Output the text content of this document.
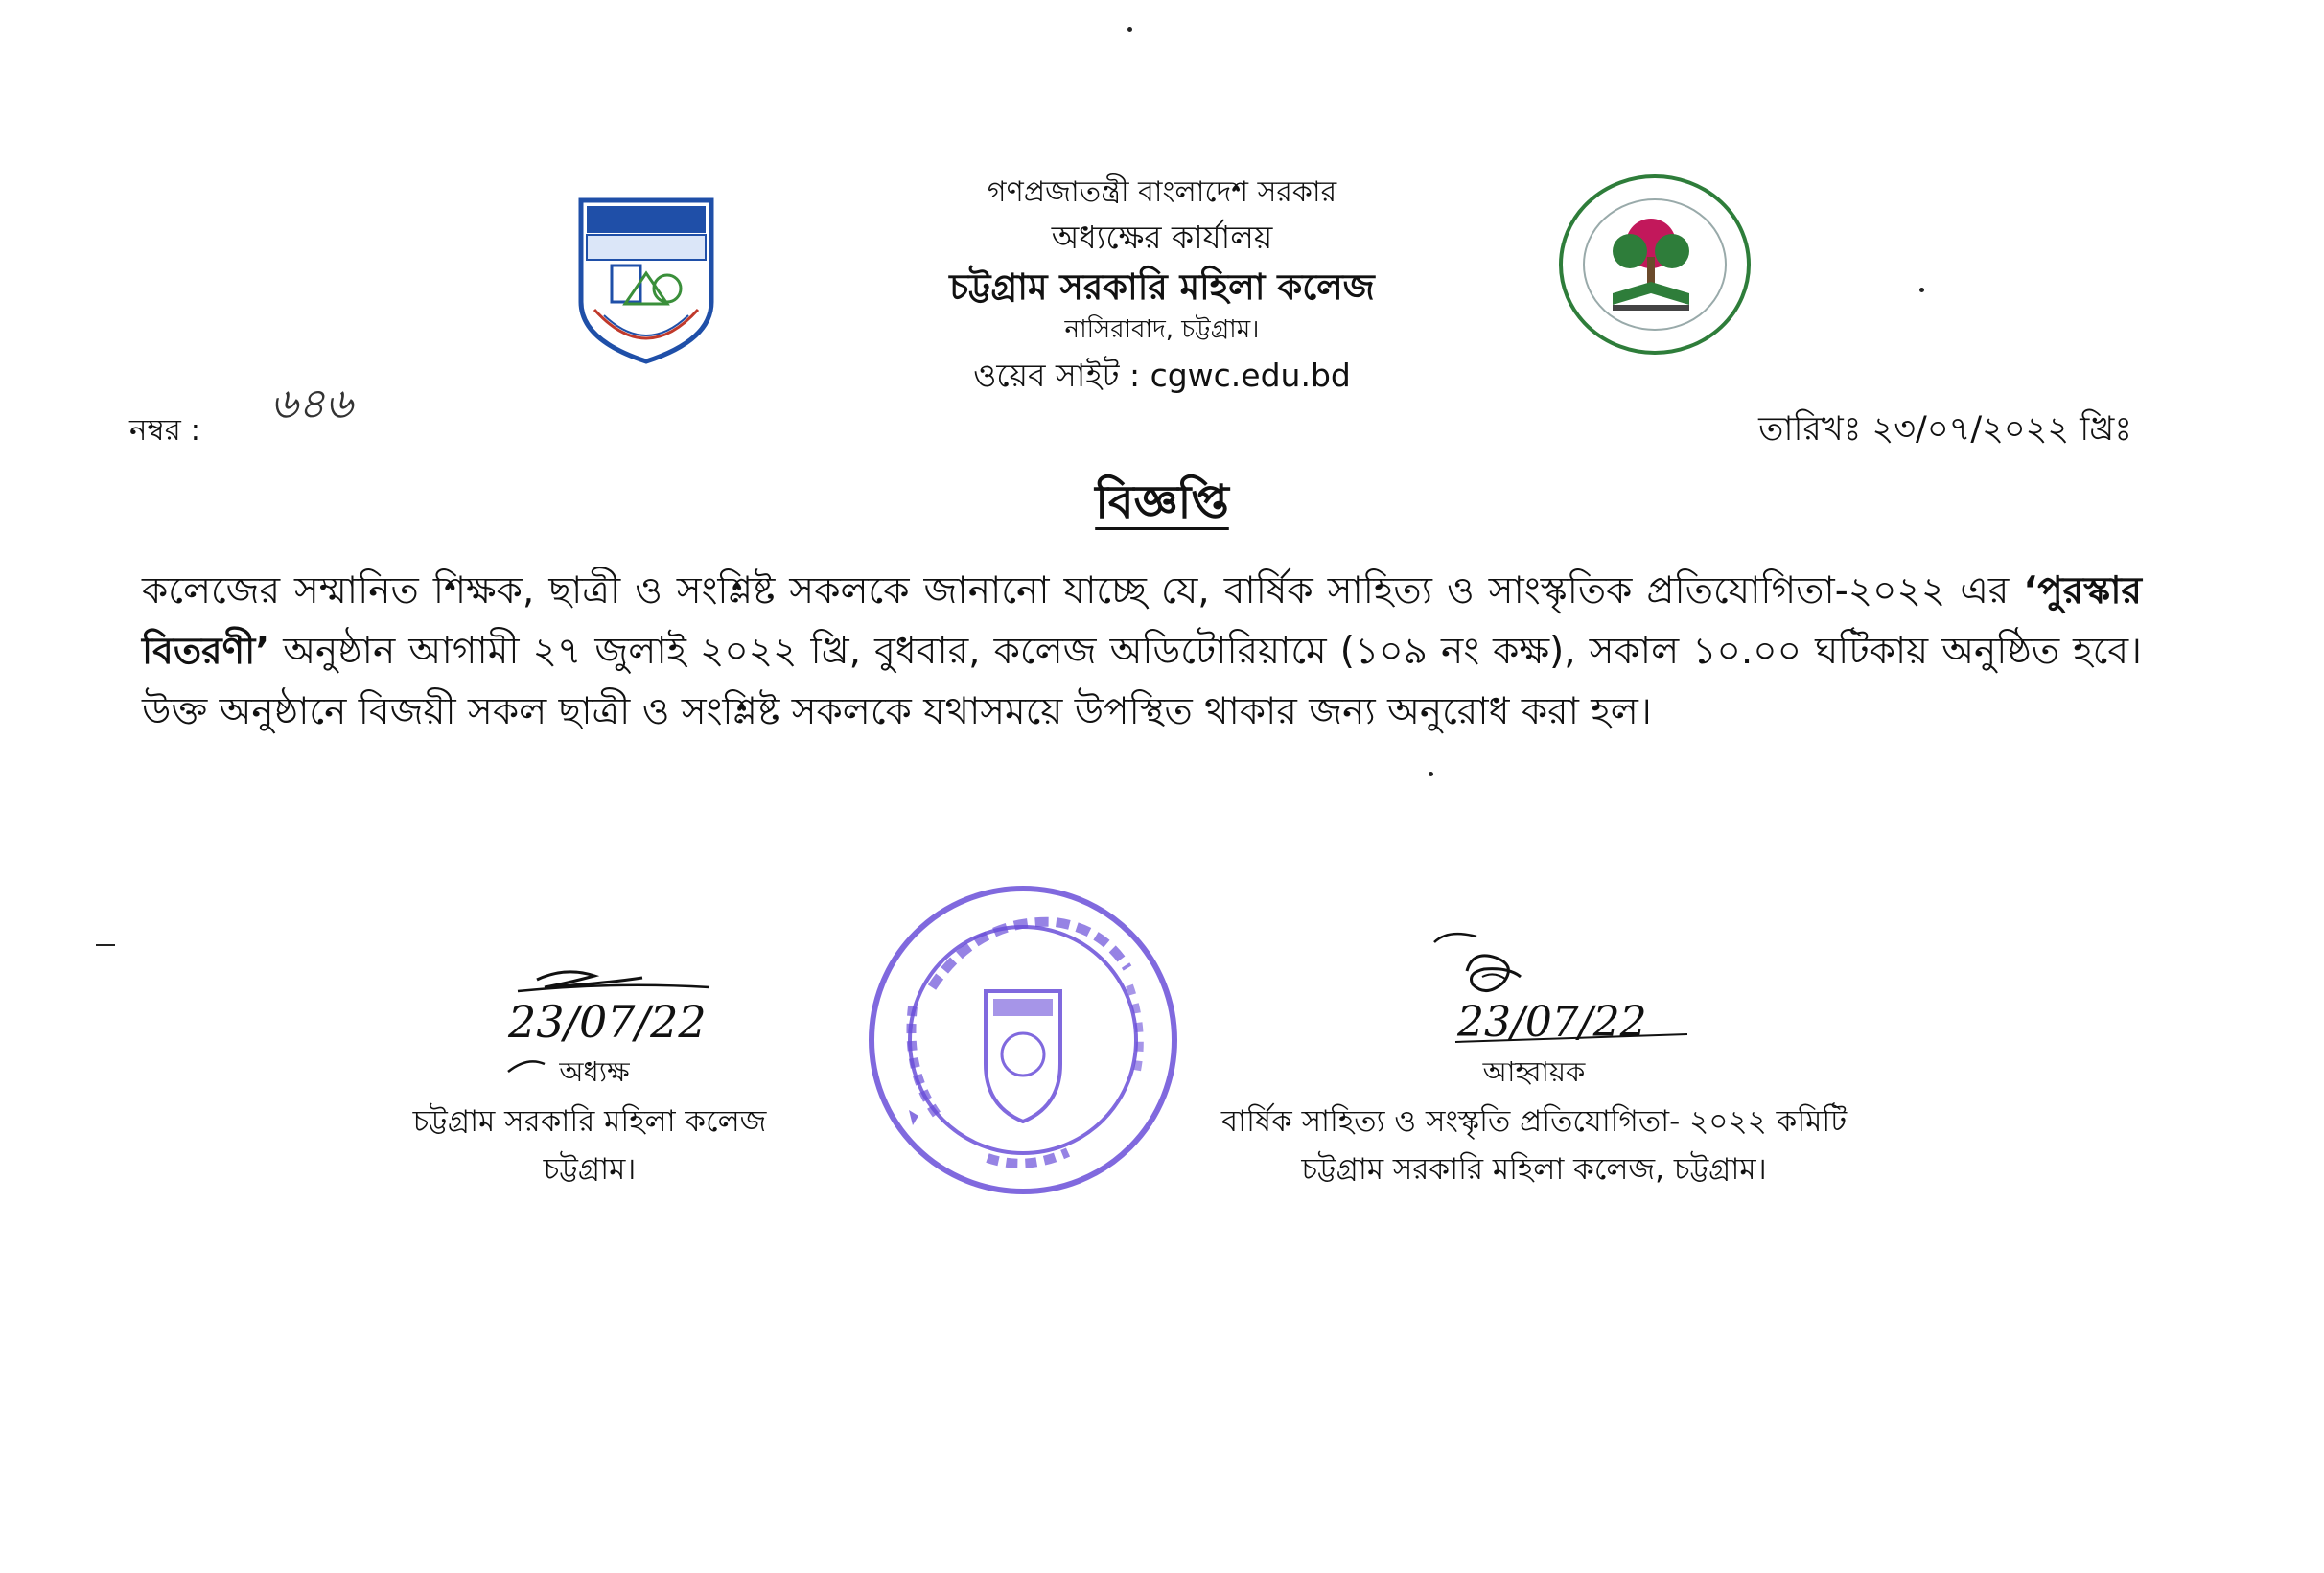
গণপ্রজাতন্ত্রী বাংলাদেশ সরকার
অধ্যক্ষের কার্যালয়
চট্টগ্রাম সরকারি মহিলা কলেজ
নাসিরাবাদ, চট্টগ্রাম।
ওয়েব সাইট : cgwc.edu.bd
নম্বর :
৬৪৬
তারিখঃ ২৩/০৭/২০২২ খ্রিঃ
বিজ্ঞপ্তি
কলেজের সম্মানিত শিক্ষক, ছাত্রী ও সংশ্লিষ্ট সকলকে জানানো যাচ্ছে যে, বার্ষিক সাহিত্য ও সাংস্কৃতিক প্রতিযোগিতা-২০২২ এর ‘পুরস্কার বিতরণী’ অনুষ্ঠান আগামী ২৭ জুলাই ২০২২ খ্রি, বুধবার, কলেজ অডিটোরিয়ামে (১০৯ নং কক্ষ), সকাল ১০.০০ ঘটিকায় অনুষ্ঠিত হবে। উক্ত অনুষ্ঠানে বিজয়ী সকল ছাত্রী ও সংশ্লিষ্ট সকলকে যথাসময়ে উপস্থিত থাকার জন্য অনুরোধ করা হল।
23/07/22	23/07/22
অধ্যক্ষ
চট্টগ্রাম সরকারি মহিলা কলেজ
চট্টগ্রাম।
আহ্বায়ক
বার্ষিক সাহিত্য ও সংস্কৃতি প্রতিযোগিতা- ২০২২ কমিটি
চট্টগ্রাম সরকারি মহিলা কলেজ, চট্টগ্রাম।
